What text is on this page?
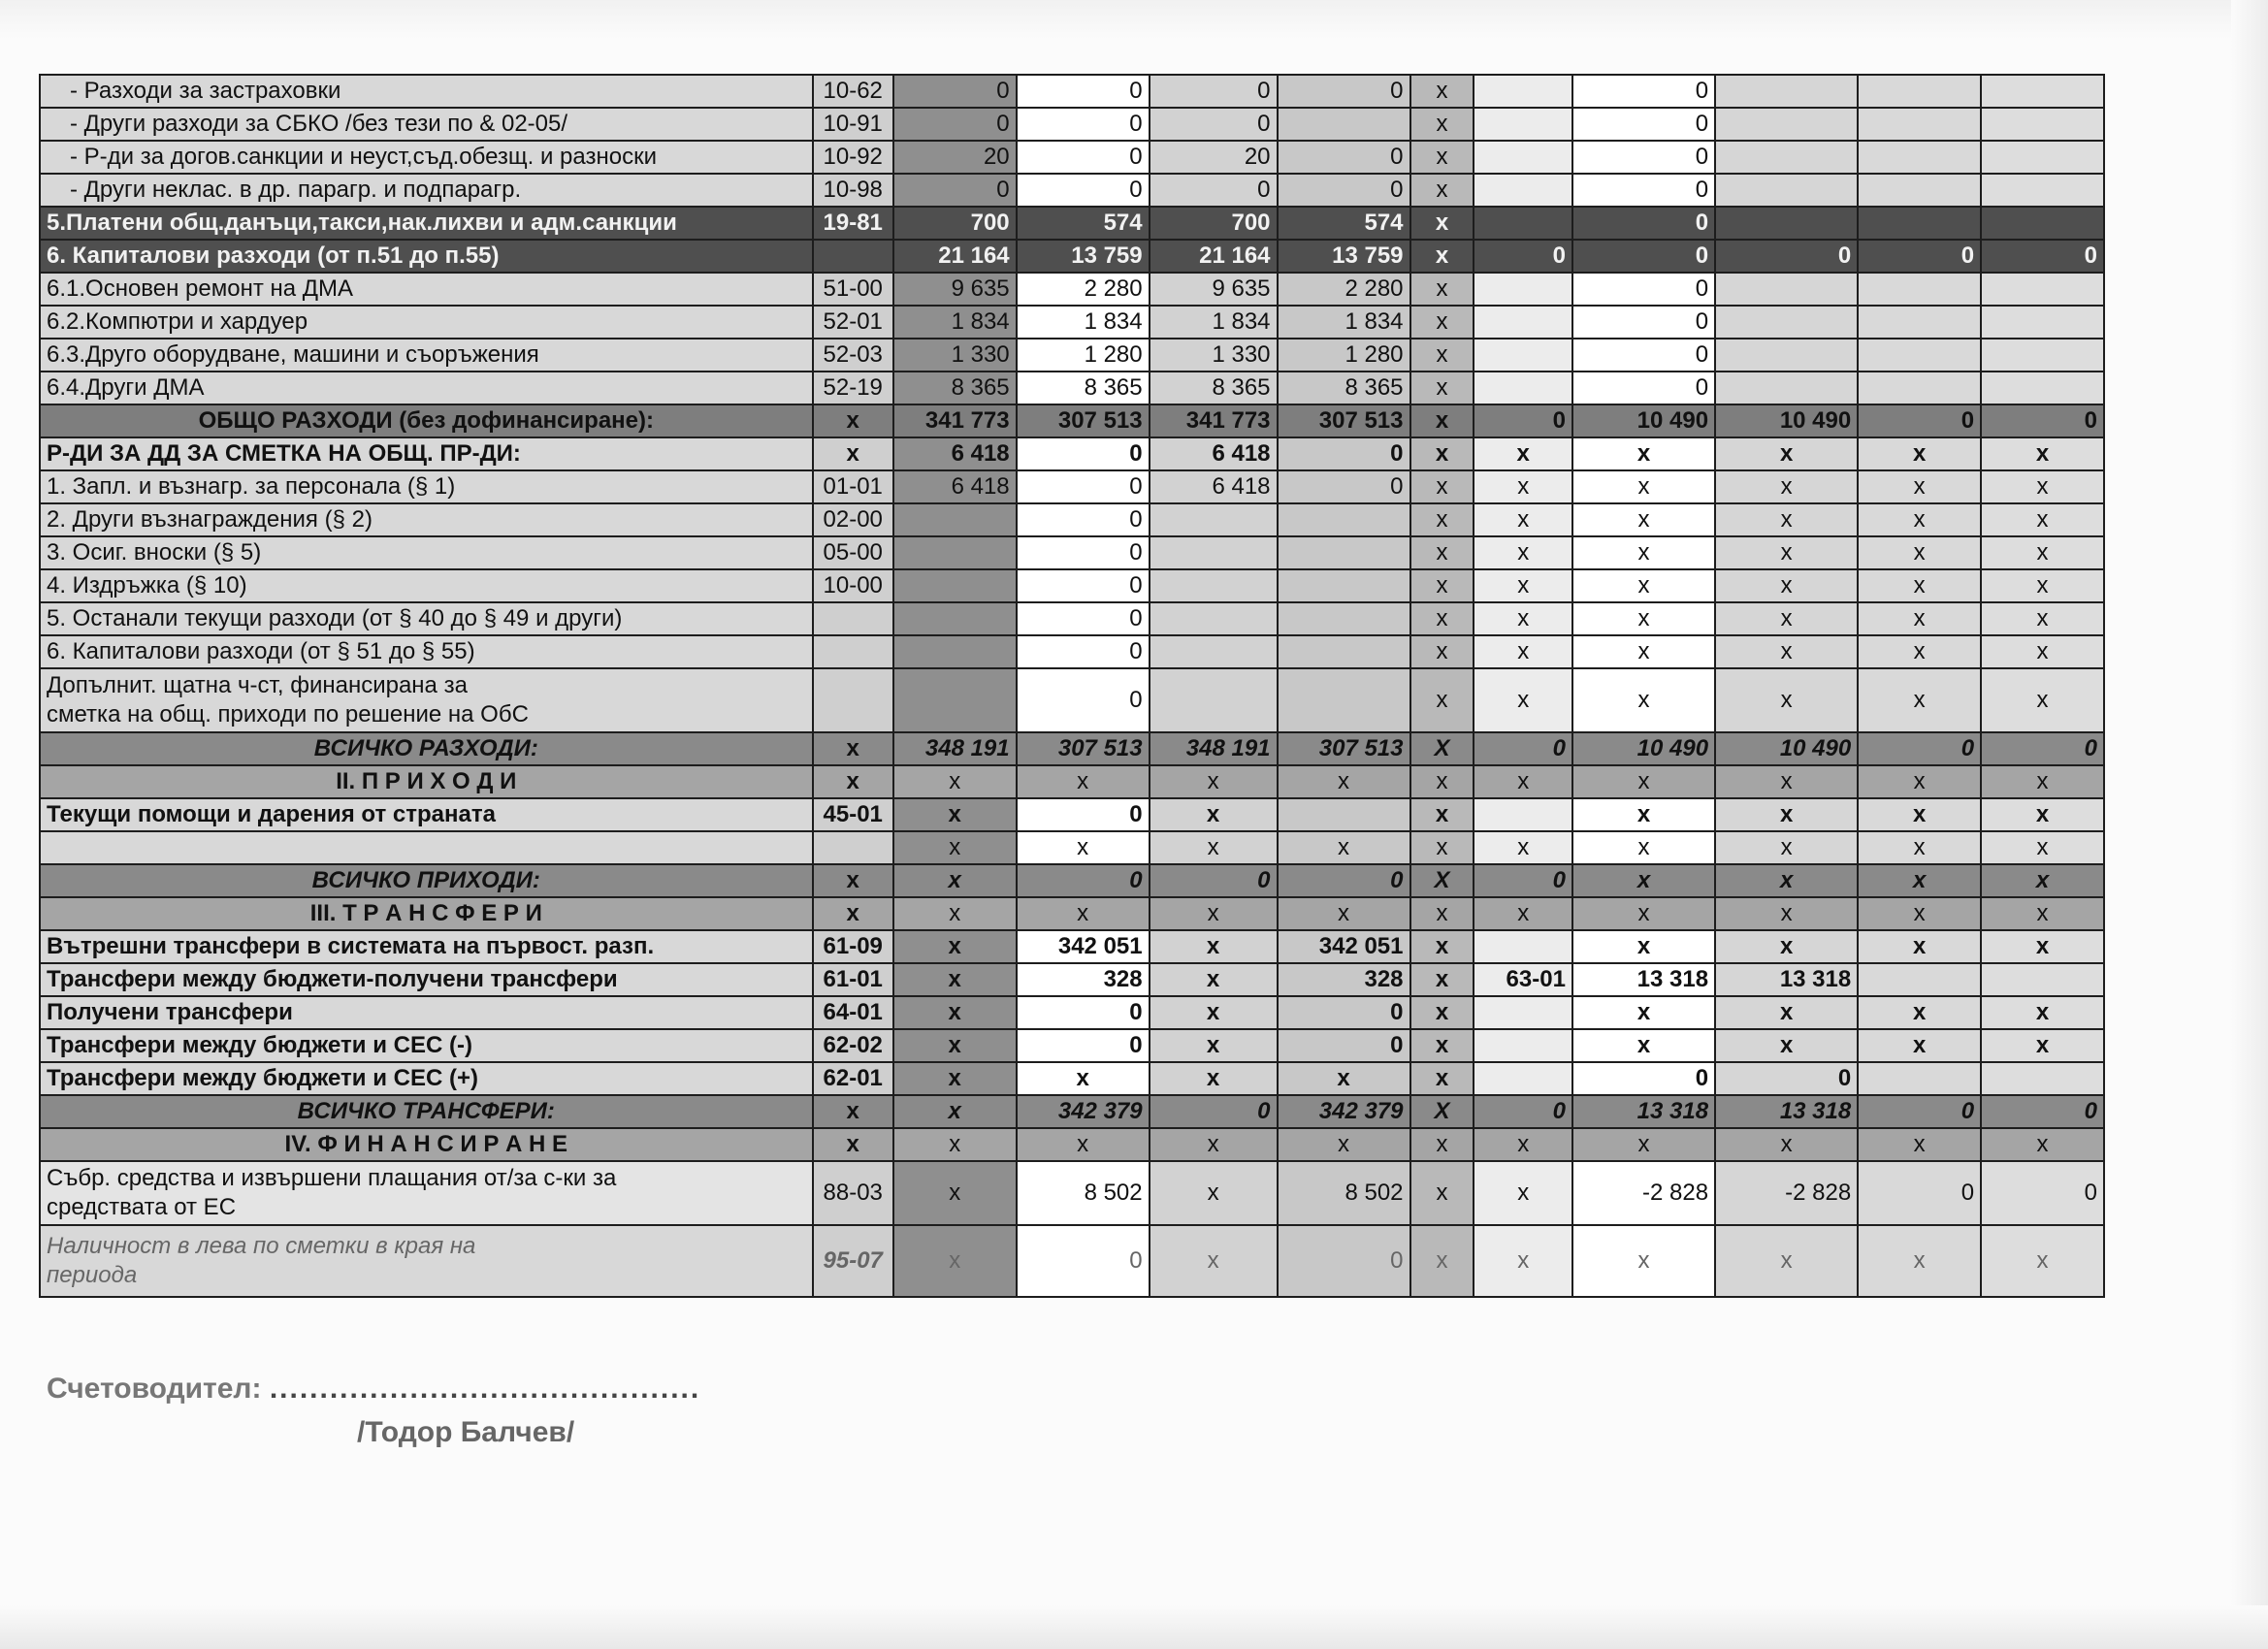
- Разходи за застраховки	10-62	0	0	0	0	x		0			
- Други разходи за СБКО /без тези по & 02-05/	10-91	0	0	0		x		0			
- Р-ди за догов.санкции и неуст,съд.обезщ. и разноски	10-92	20	0	20	0	x		0			
- Други неклас. в др. парагр. и подпарагр.	10-98	0	0	0	0	x		0			
5.Платени общ.данъци,такси,нак.лихви и адм.санкции	19-81	700	574	700	574	x		0			
6. Капиталови разходи (от п.51 до п.55)		21 164	13 759	21 164	13 759	x	0	0	0	0	0
6.1.Основен ремонт на ДМА	51-00	9 635	2 280	9 635	2 280	x		0			
6.2.Компютри и хардуер	52-01	1 834	1 834	1 834	1 834	x		0			
6.3.Друго оборудване, машини и съоръжения	52-03	1 330	1 280	1 330	1 280	x		0			
6.4.Други ДМА	52-19	8 365	8 365	8 365	8 365	x		0			
ОБЩО РАЗХОДИ (без дофинансиране):	x	341 773	307 513	341 773	307 513	x	0	10 490	10 490	0	0
Р-ДИ ЗА ДД ЗА СМЕТКА НА ОБЩ. ПР-ДИ:	x	6 418	0	6 418	0	x	x	x	x	x	x
1. Запл. и възнагр. за персонала (§ 1)	01-01	6 418	0	6 418	0	x	x	x	x	x	x
2. Други възнаграждения (§ 2)	02-00		0			x	x	x	x	x	x
3. Осиг. вноски (§ 5)	05-00		0			x	x	x	x	x	x
4. Издръжка (§ 10)	10-00		0			x	x	x	x	x	x
5. Останали текущи разходи (от § 40 до § 49 и други)			0			x	x	x	x	x	x
6. Капиталови разходи (от § 51 до § 55)			0			x	x	x	x	x	x
Допълнит. щатна ч-ст, финансирана за
сметка на общ. приходи по решение на ОбС			0			x	x	x	x	x	x
ВСИЧКО РАЗХОДИ:	x	348 191	307 513	348 191	307 513	X	0	10 490	10 490	0	0
II. П Р И Х О Д И	x	x	x	x	x	x	x	x	x	x	x
Текущи помощи и дарения от страната	45-01	x	0	x		x		x	x	x	x
		x	x	x	x	x	x	x	x	x	x
ВСИЧКО ПРИХОДИ:	x	x	0	0	0	X	0	x	x	x	x
III. Т Р А Н С Ф Е Р И	x	x	x	x	x	x	x	x	x	x	x
Вътрешни трансфери в системата на първост. разп.	61-09	x	342 051	x	342 051	x		x	x	x	x
Трансфери между бюджети-получени трансфери	61-01	x	328	x	328	x	63-01	13 318	13 318		
Получени трансфери	64-01	x	0	x	0	x		x	x	x	x
Трансфери между бюджети и СЕС (-)	62-02	x	0	x	0	x		x	x	x	x
Трансфери между бюджети и СЕС (+)	62-01	x	x	x	x	x		0	0		
ВСИЧКО ТРАНСФЕРИ:	x	x	342 379	0	342 379	X	0	13 318	13 318	0	0
IV. Ф И Н А Н С И Р А Н Е	x	x	x	x	x	x	x	x	x	x	x
Събр. средства и извършени плащания от/за с-ки за
средствата от ЕС	88-03	x	8 502	x	8 502	x	x	-2 828	-2 828	0	0
Наличност в лева по сметки в края на
периода	95-07	x	0	x	0	x	x	x	x	x	x
Счетоводител: ...........................................
/Тодор Балчев/
